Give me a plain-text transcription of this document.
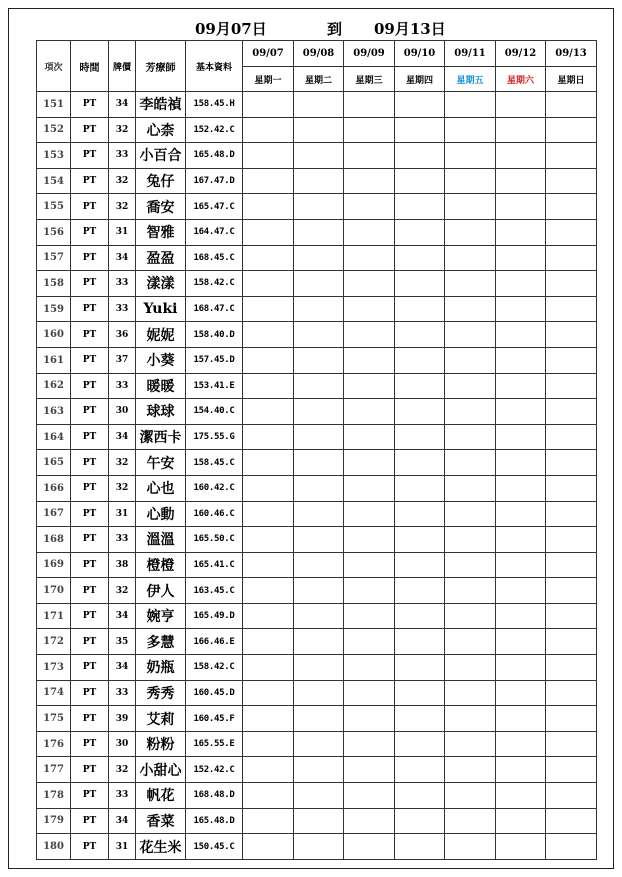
09月07日	到 09月13日
項次	時間	牌價	芳療師	基本資料	09/07	09/08	09/09	09/10	09/11	09/12	09/13
					星期一	星期二	星期三	星期四	星期五	星期六	星期日
151	PT	34	李皓禎	158.45.H							
152	PT	32	心柰	152.42.C							
153	PT	33	小百合	165.48.D							
154	PT	32	兔仔	167.47.D							
155	PT	32	喬安	165.47.C							
156	PT	31	智雅	164.47.C							
157	PT	34	盈盈	168.45.C							
158	PT	33	漾漾	158.42.C							
159	PT	33	Yuki	168.47.C							
160	PT	36	妮妮	158.40.D							
161	PT	37	小葵	157.45.D							
162	PT	33	暖暖	153.41.E							
163	PT	30	球球	154.40.C							
164	PT	34	潔西卡	175.55.G							
165	PT	32	午安	158.45.C							
166	PT	32	心也	160.42.C							
167	PT	31	心動	160.46.C							
168	PT	33	溫溫	165.50.C							
169	PT	38	橙橙	165.41.C							
170	PT	32	伊人	163.45.C							
171	PT	34	婉亨	165.49.D							
172	PT	35	多慧	166.46.E							
173	PT	34	奶瓶	158.42.C							
174	PT	33	秀秀	160.45.D							
175	PT	39	艾莉	160.45.F							
176	PT	30	粉粉	165.55.E							
177	PT	32	小甜心	152.42.C							
178	PT	33	帆花	168.48.D							
179	PT	34	香菜	165.48.D							
180	PT	31	花生米	150.45.C							
